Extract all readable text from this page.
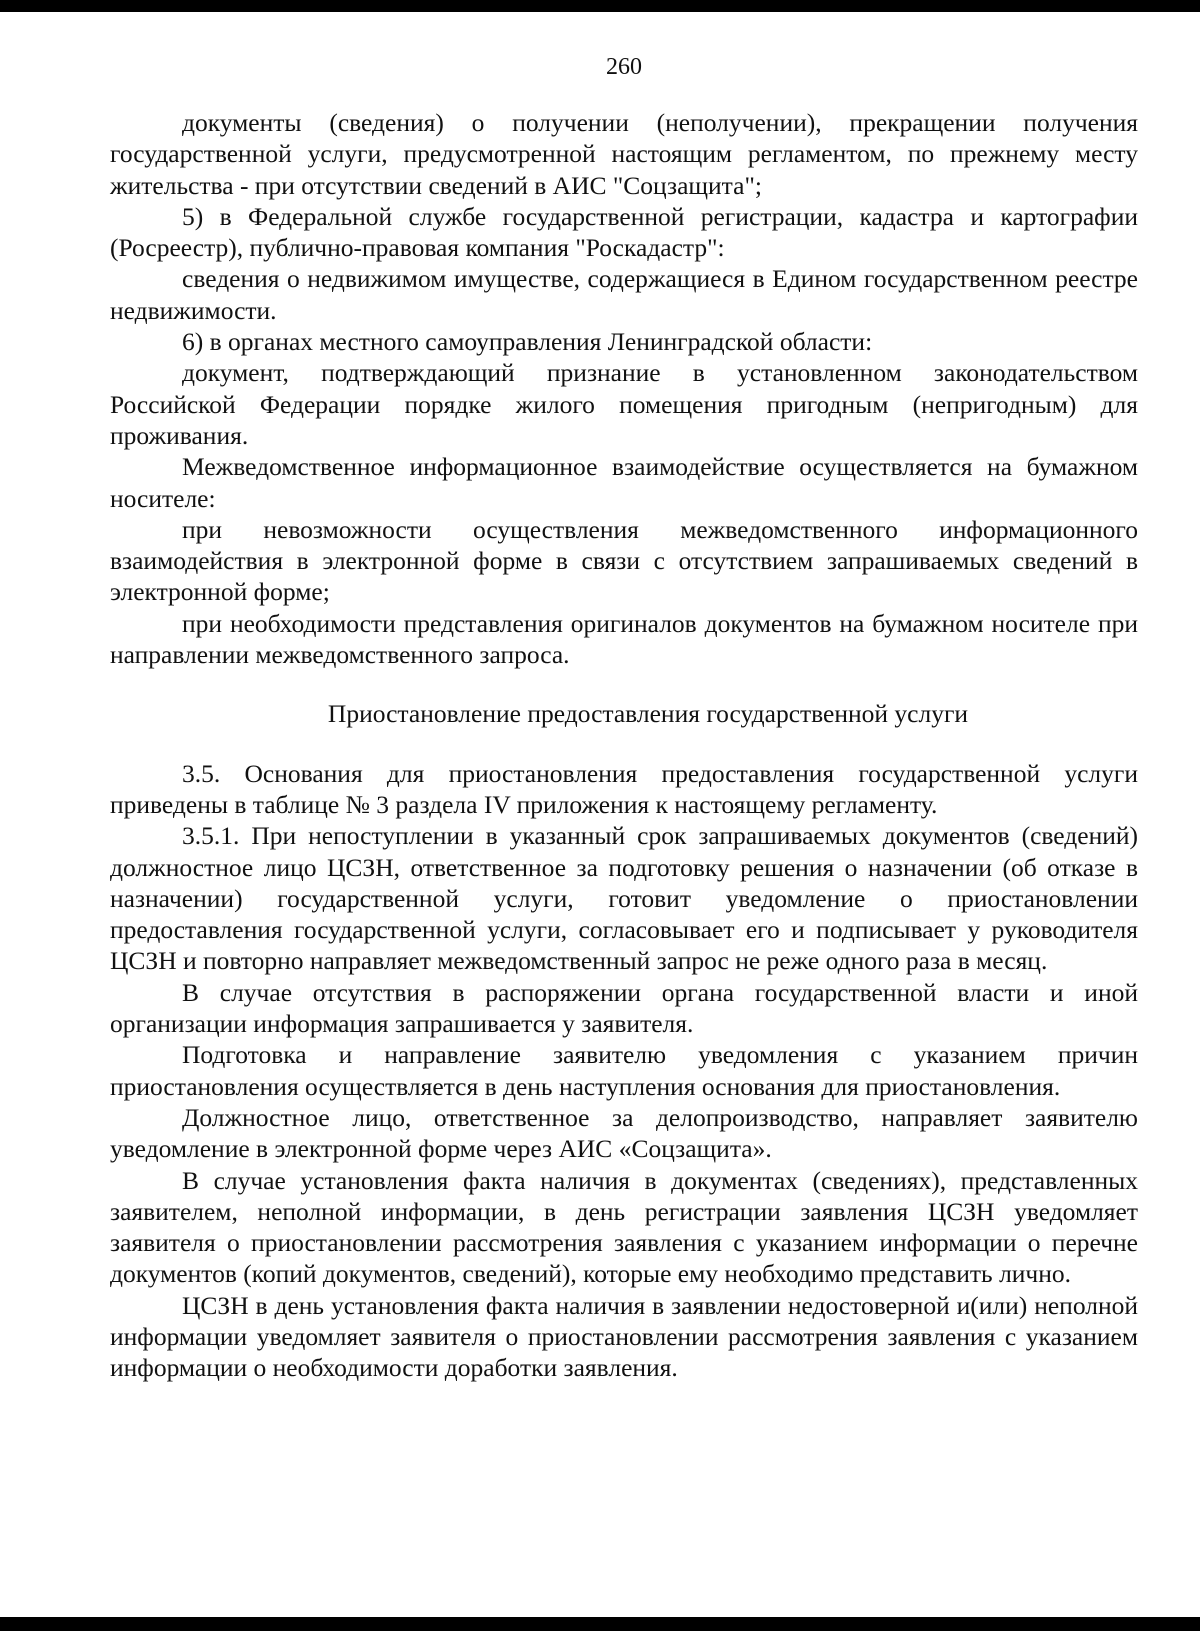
260

документы (сведения) о получении (неполучении), прекращении получения государственной услуги, предусмотренной настоящим регламентом, по прежнему месту жительства - при отсутствии сведений в АИС "Соцзащита";

5) в Федеральной службе государственной регистрации, кадастра и картографии (Росреестр), публично-правовая компания "Роскадастр":

сведения о недвижимом имуществе, содержащиеся в Едином государственном реестре недвижимости.

6) в органах местного самоуправления Ленинградской области:

документ, подтверждающий признание в установленном законодательством Российской Федерации порядке жилого помещения пригодным (непригодным) для проживания.

Межведомственное информационное взаимодействие осуществляется на бумажном носителе:

при невозможности осуществления межведомственного информационного взаимодействия в электронной форме в связи с отсутствием запрашиваемых сведений в электронной форме;

при необходимости представления оригиналов документов на бумажном носителе при направлении межведомственного запроса.

Приостановление предоставления государственной услуги

3.5. Основания для приостановления предоставления государственной услуги приведены в таблице № 3 раздела IV приложения к настоящему регламенту.

3.5.1. При непоступлении в указанный срок запрашиваемых документов (сведений) должностное лицо ЦСЗН, ответственное за подготовку решения о назначении (об отказе в назначении) государственной услуги, готовит уведомление о приостановлении предоставления государственной услуги, согласовывает его и подписывает у руководителя ЦСЗН и повторно направляет межведомственный запрос не реже одного раза в месяц.

В случае отсутствия в распоряжении органа государственной власти и иной организации информация запрашивается у заявителя.

Подготовка и направление заявителю уведомления с указанием причин приостановления осуществляется в день наступления основания для приостановления.

Должностное лицо, ответственное за делопроизводство, направляет заявителю уведомление в электронной форме через АИС «Соцзащита».

В случае установления факта наличия в документах (сведениях), представленных заявителем, неполной информации, в день регистрации заявления ЦСЗН уведомляет заявителя о приостановлении рассмотрения заявления с указанием информации о перечне документов (копий документов, сведений), которые ему необходимо представить лично.

ЦСЗН в день установления факта наличия в заявлении недостоверной и(или) неполной информации уведомляет заявителя о приостановлении рассмотрения заявления с указанием информации о необходимости доработки заявления.
